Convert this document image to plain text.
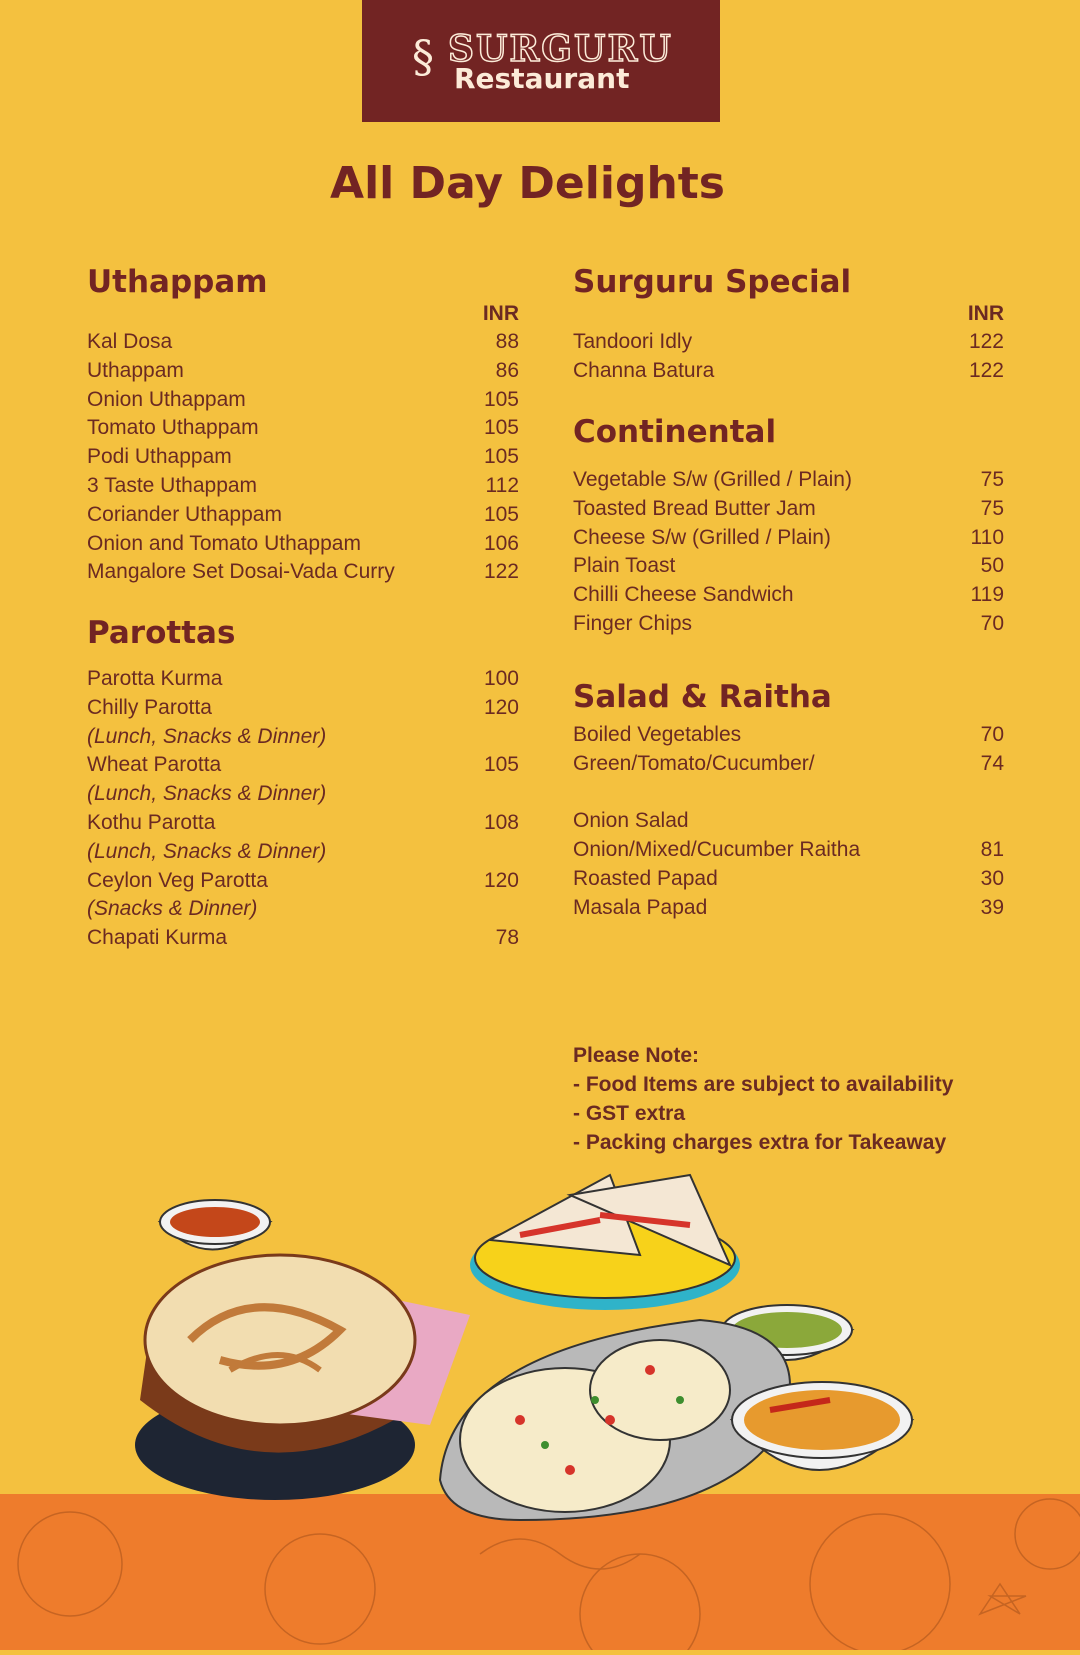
§ SURGURU
Restaurant
All Day Delights
Uthappam
INR
Kal Dosa	88
Uthappam	86
Onion Uthappam	105
Tomato Uthappam	105
Podi Uthappam	105
3 Taste Uthappam	112
Coriander Uthappam	105
Onion and Tomato Uthappam	106
Mangalore Set Dosai-Vada Curry	122
Parottas
Parotta Kurma	100
Chilly Parotta	120
(Lunch, Snacks & Dinner)
Wheat Parotta	105
(Lunch, Snacks & Dinner)
Kothu Parotta	108
(Lunch, Snacks & Dinner)
Ceylon Veg Parotta	120
(Snacks & Dinner)
Chapati Kurma	78
Surguru Special
INR
Tandoori Idly	122
Channa Batura	122
Continental
Vegetable S/w (Grilled / Plain)	75
Toasted Bread Butter Jam	75
Cheese S/w (Grilled / Plain)	110
Plain Toast	50
Chilli Cheese Sandwich	119
Finger Chips	70
Salad & Raitha
Boiled Vegetables	70
Green/Tomato/Cucumber/	74
Onion Salad
Onion/Mixed/Cucumber Raitha	81
Roasted Papad	30
Masala Papad	39
Please Note:
- Food Items are subject to availability
- GST extra
- Packing charges extra for Takeaway
